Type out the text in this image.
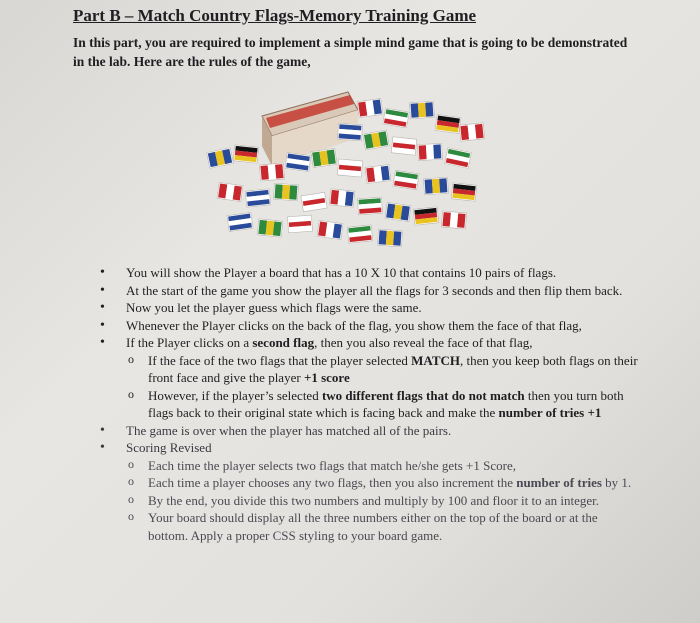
Part B – Match Country Flags-Memory Training Game
In this part, you are required to implement a simple mind game that is going to be demonstrated in the lab. Here are the rules of the game,
• You will show the Player a board that has a 10 X 10 that contains 10 pairs of flags.
• At the start of the game you show the player all the flags for 3 seconds and then flip them back.
• Now you let the player guess which flags were the same.
• Whenever the Player clicks on the back of the flag, you show them the face of that flag,
• If the Player clicks on a second flag, then you also reveal the face of that flag,
o If the face of the two flags that the player selected MATCH, then you keep both flags on their front face and give the player +1 score
o However, if the player’s selected two different flags that do not match then you turn both flags back to their original state which is facing back and make the number of tries +1
• The game is over when the player has matched all of the pairs.
• Scoring Revised
o Each time the player selects two flags that match he/she gets +1 Score,
o Each time a player chooses any two flags, then you also increment the number of tries by 1.
o By the end, you divide this two numbers and multiply by 100 and floor it to an integer.
o Your board should display all the three numbers either on the top of the board or at the bottom. Apply a proper CSS styling to your board game.
